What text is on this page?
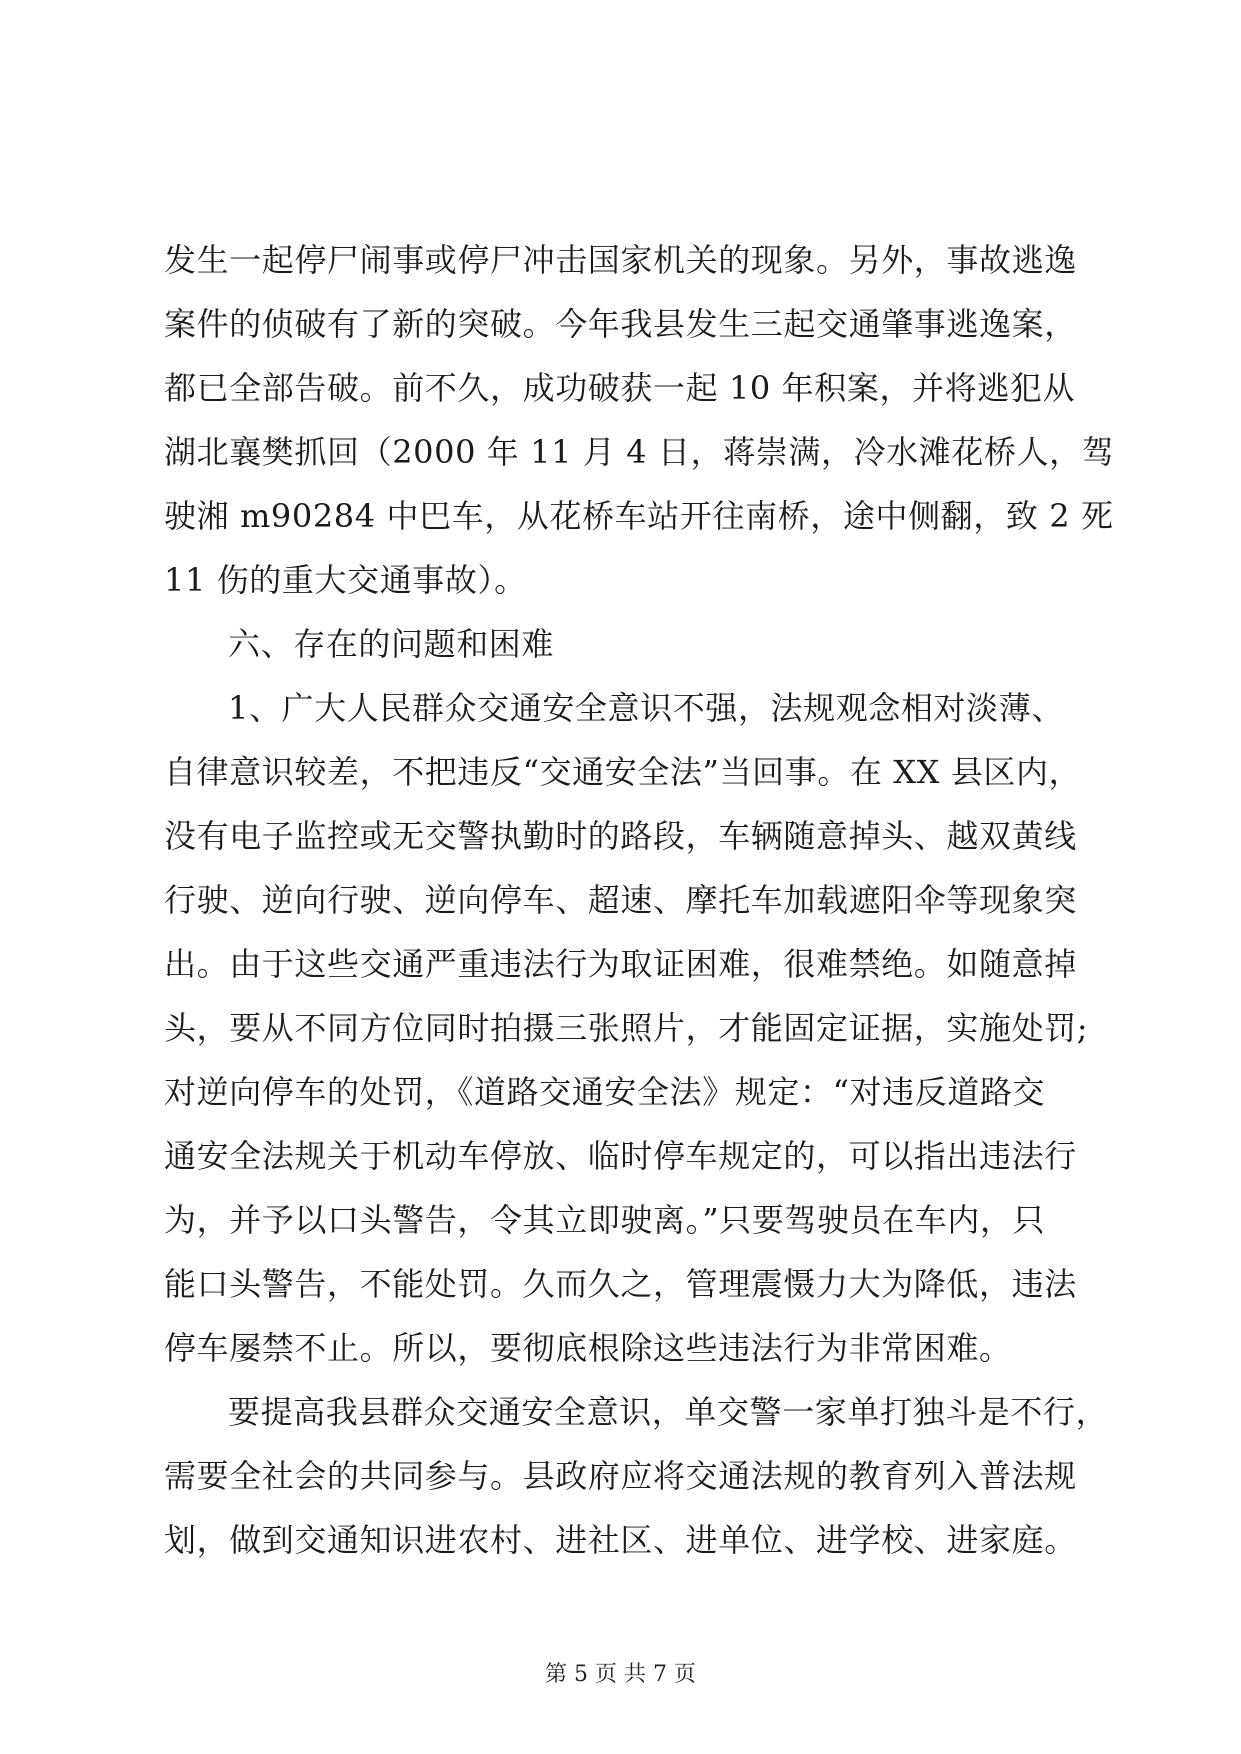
发生一起停尸闹事或停尸冲击国家机关的现象。另外，事故逃逸
案件的侦破有了新的突破。今年我县发生三起交通肇事逃逸案，
都已全部告破。前不久，成功破获一起 10 年积案，并将逃犯从
湖北襄樊抓回（2000 年 11 月 4 日，蒋崇满，冷水滩花桥人，驾
驶湘 m90284 中巴车，从花桥车站开往南桥，途中侧翻，致 2 死
11 伤的重大交通事故）。
六、存在的问题和困难
1、广大人民群众交通安全意识不强，法规观念相对淡薄、
自律意识较差，不把违反“交通安全法”当回事。在 XX 县区内，
没有电子监控或无交警执勤时的路段，车辆随意掉头、越双黄线
行驶、逆向行驶、逆向停车、超速、摩托车加载遮阳伞等现象突
出。由于这些交通严重违法行为取证困难，很难禁绝。如随意掉
头，要从不同方位同时拍摄三张照片，才能固定证据，实施处罚;
对逆向停车的处罚，《道路交通安全法》规定：“对违反道路交
通安全法规关于机动车停放、临时停车规定的，可以指出违法行
为，并予以口头警告，令其立即驶离。”只要驾驶员在车内，只
能口头警告，不能处罚。久而久之，管理震慑力大为降低，违法
停车屡禁不止。所以，要彻底根除这些违法行为非常困难。
要提高我县群众交通安全意识，单交警一家单打独斗是不行，
需要全社会的共同参与。县政府应将交通法规的教育列入普法规
划，做到交通知识进农村、进社区、进单位、进学校、进家庭。
第 5 页 共 7 页
